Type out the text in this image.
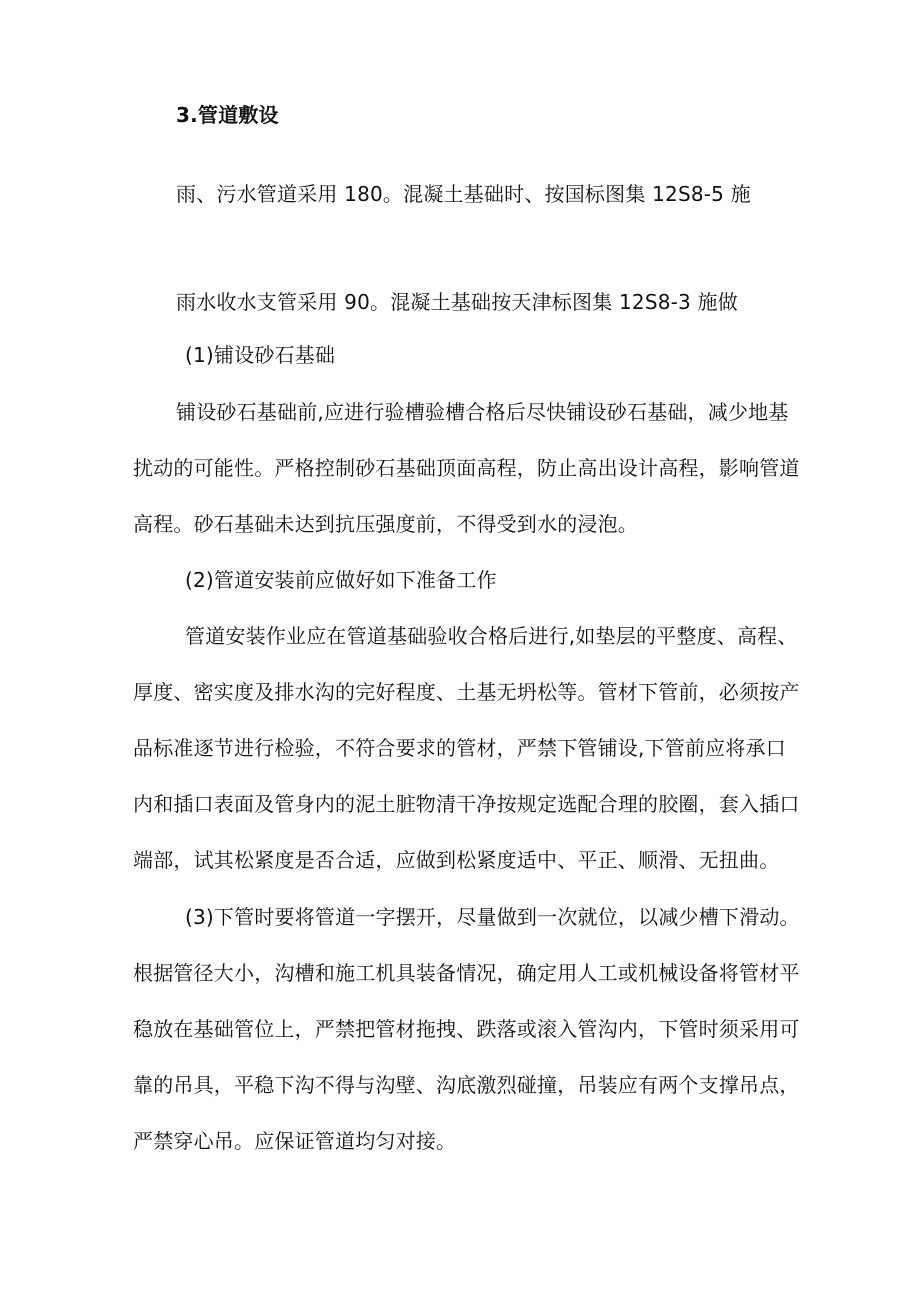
3.管道敷设
雨、污水管道采用 180。混凝土基础时、按国标图集 12S8-5 施
雨水收水支管采用 90。混凝土基础按天津标图集 12S8-3 施做
(1)铺设砂石基础
铺设砂石基础前,应进行验槽验槽合格后尽快铺设砂石基础，减少地基
扰动的可能性。严格控制砂石基础顶面高程，防止高出设计高程，影响管道
高程。砂石基础未达到抗压强度前，不得受到水的浸泡。
(2)管道安装前应做好如下准备工作
管道安装作业应在管道基础验收合格后进行,如垫层的平整度、高程、
厚度、密实度及排水沟的完好程度、土基无坍松等。管材下管前，必须按产
品标准逐节进行检验，不符合要求的管材，严禁下管铺设,下管前应将承口
内和插口表面及管身内的泥土脏物清干净按规定选配合理的胶圈，套入插口
端部，试其松紧度是否合适，应做到松紧度适中、平正、顺滑、无扭曲。
(3)下管时要将管道一字摆开，尽量做到一次就位，以减少槽下滑动。
根据管径大小，沟槽和施工机具装备情况，确定用人工或机械设备将管材平
稳放在基础管位上，严禁把管材拖拽、跌落或滚入管沟内，下管时须采用可
靠的吊具，平稳下沟不得与沟壁、沟底激烈碰撞，吊装应有两个支撑吊点，
严禁穿心吊。应保证管道均匀对接。
